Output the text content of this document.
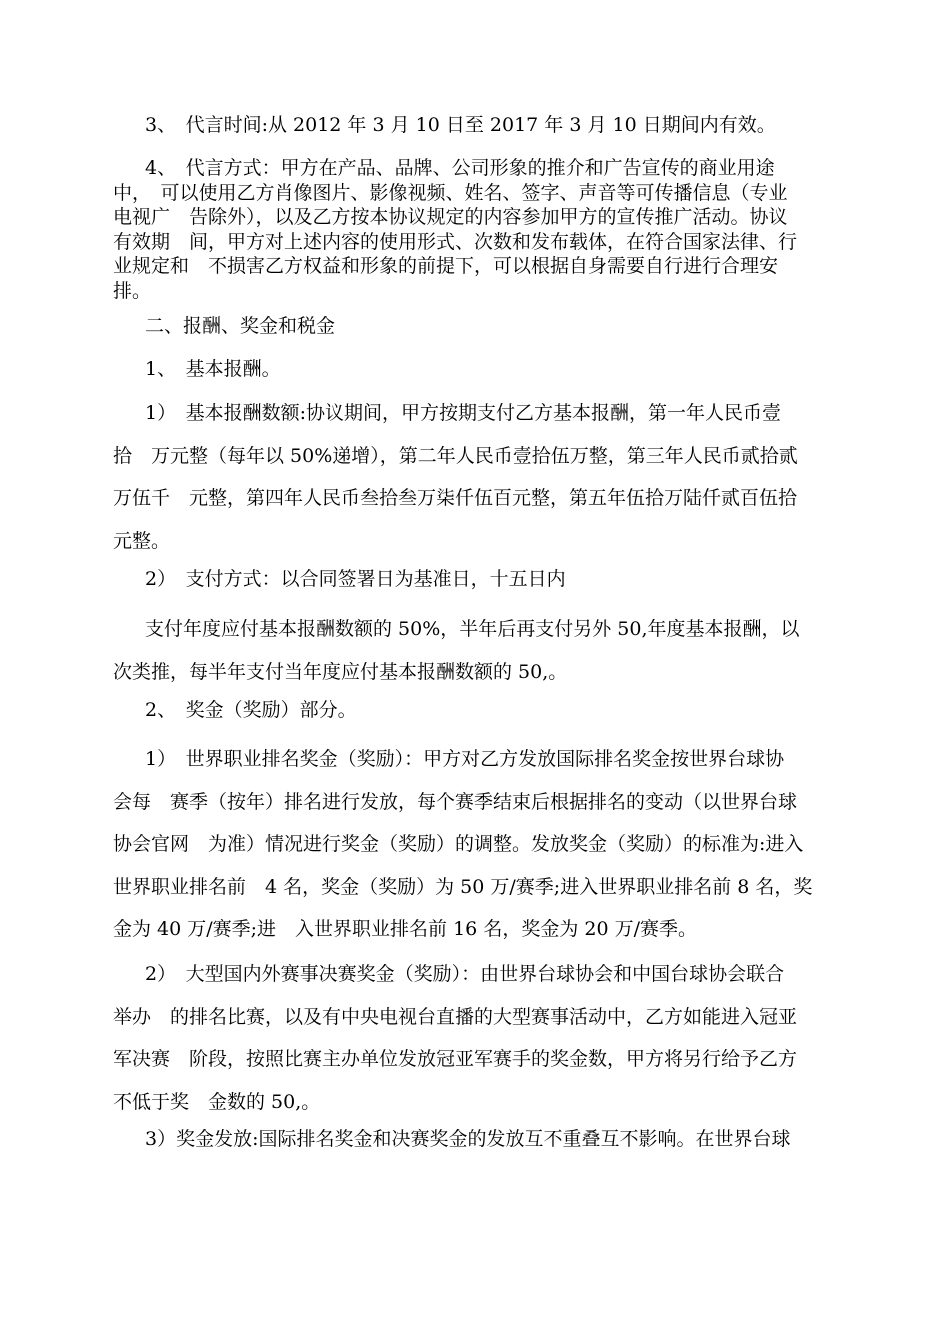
3、　代言时间:从 2012 年 3 月 10 日至 2017 年 3 月 10 日期间内有效。
4、　代言方式：甲方在产品、品牌、公司形象的推介和广告宣传的商业用途
中，　可以使用乙方肖像图片、影像视频、姓名、签字、声音等可传播信息（专业
电视广　告除外），以及乙方按本协议规定的内容参加甲方的宣传推广活动。协议
有效期　间，甲方对上述内容的使用形式、次数和发布载体，在符合国家法律、行
业规定和　不损害乙方权益和形象的前提下，可以根据自身需要自行进行合理安
排。
二、报酬、奖金和税金
1、　基本报酬。
1）　基本报酬数额:协议期间，甲方按期支付乙方基本报酬，第一年人民币壹
拾　万元整（每年以 50%递增），第二年人民币壹拾伍万整，第三年人民币贰拾贰
万伍千　元整，第四年人民币叁拾叁万柒仟伍百元整，第五年伍拾万陆仟贰百伍拾
元整。
2）　支付方式：以合同签署日为基准日，十五日内
支付年度应付基本报酬数额的 50%，半年后再支付另外 50,年度基本报酬，以
次类推，每半年支付当年度应付基本报酬数额的 50,。
2、　奖金（奖励）部分。
1）　世界职业排名奖金（奖励）：甲方对乙方发放国际排名奖金按世界台球协
会每　赛季（按年）排名进行发放，每个赛季结束后根据排名的变动（以世界台球
协会官网　为准）情况进行奖金（奖励）的调整。发放奖金（奖励）的标准为:进入
世界职业排名前　4 名，奖金（奖励）为 50 万/赛季;进入世界职业排名前 8 名，奖
金为 40 万/赛季;进　入世界职业排名前 16 名，奖金为 20 万/赛季。
2）　大型国内外赛事决赛奖金（奖励）：由世界台球协会和中国台球协会联合
举办　的排名比赛，以及有中央电视台直播的大型赛事活动中，乙方如能进入冠亚
军决赛　阶段，按照比赛主办单位发放冠亚军赛手的奖金数，甲方将另行给予乙方
不低于奖　金数的 50,。
3）奖金发放:国际排名奖金和决赛奖金的发放互不重叠互不影响。在世界台球
